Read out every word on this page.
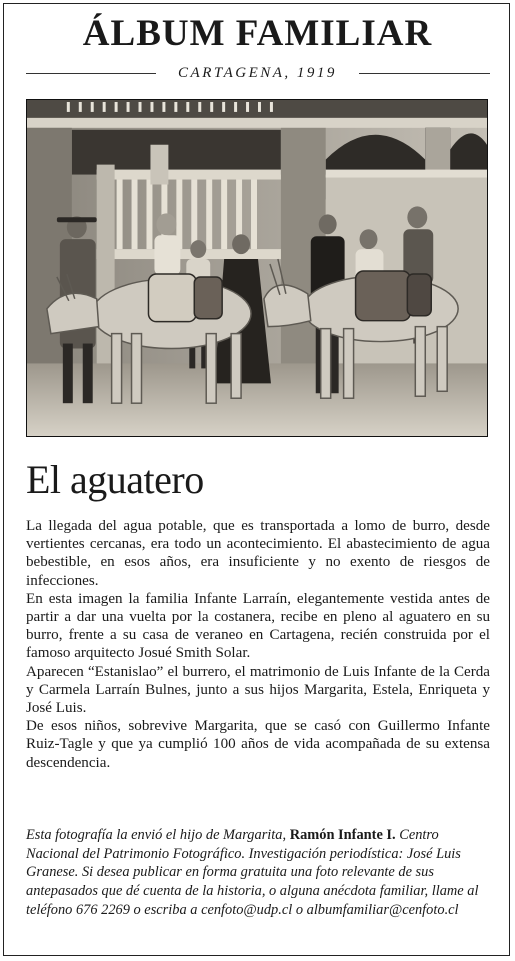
ÁLBUM FAMILIAR
CARTAGENA, 1919
El aguatero

La llegada del agua potable, que es transportada a lomo de burro, desde vertientes cercanas, era todo un acontecimiento. El abastecimiento de agua bebestible, en esos años, era insuficiente y no exento de riesgos de infecciones.

En esta imagen la familia Infante Larraín, elegantemente vestida antes de partir a dar una vuelta por la costanera, recibe en pleno al aguatero en su burro, frente a su casa de veraneo en Cartagena, recién construida por el famoso arquitecto Josué Smith Solar.

Aparecen “Estanislao” el burrero, el matrimonio de Luis Infante de la Cerda y Carmela Larraín Bulnes, junto a sus hijos Margarita, Estela, Enriqueta y José Luis.

De esos niños, sobrevive Margarita, que se casó con Guillermo Infante Ruiz-Tagle y que ya cumplió 100 años de vida acompañada de su extensa descendencia.

Esta fotografía la envió el hijo de Margarita, Ramón Infante I. Centro Nacional del Patrimonio Fotográfico. Investigación periodística: José Luis Granese. Si desea publicar en forma gratuita una foto relevante de sus antepasados que dé cuenta de la historia, o alguna anécdota familiar, llame al teléfono 676 2269 o escriba a cenfoto@udp.cl o albumfamiliar@cenfoto.cl
